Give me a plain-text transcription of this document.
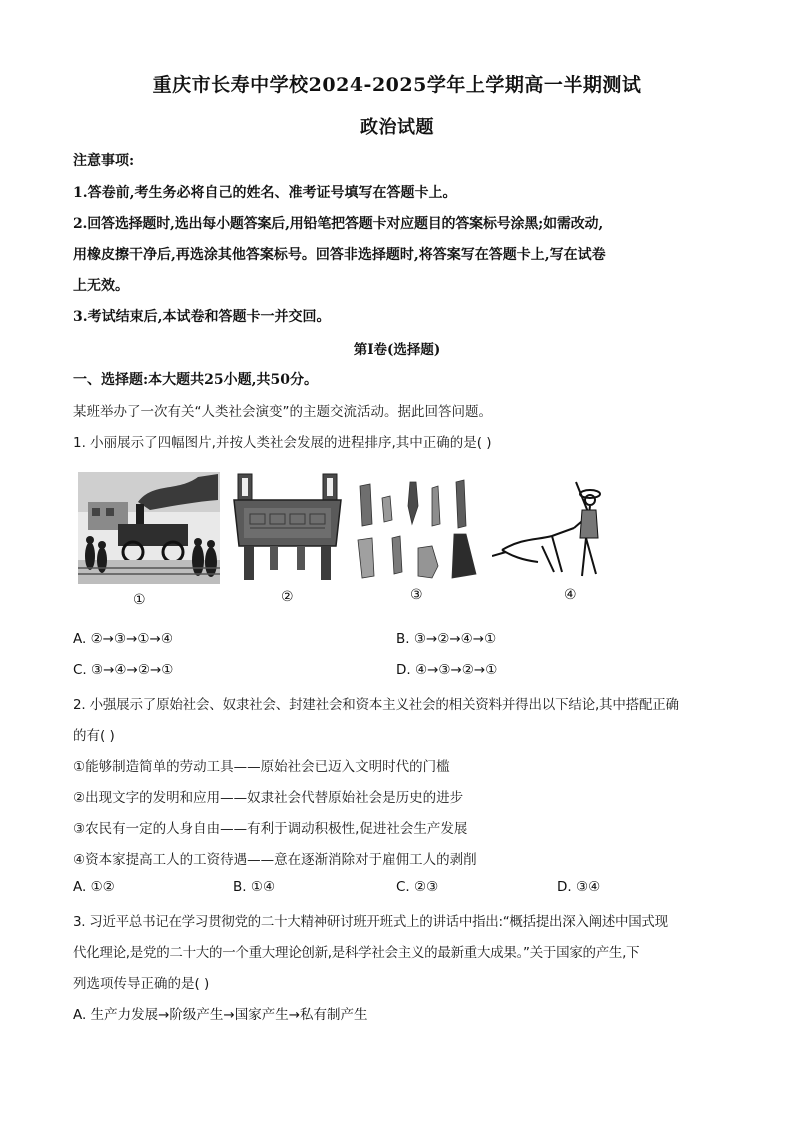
重庆市长寿中学校2024-2025学年上学期高一半期测试
政治试题
注意事项:
1.答卷前,考生务必将自己的姓名、准考证号填写在答题卡上。
2.回答选择题时,选出每小题答案后,用铅笔把答题卡对应题目的答案标号涂黑;如需改动,
用橡皮擦干净后,再选涂其他答案标号。回答非选择题时,将答案写在答题卡上,写在试卷
上无效。
3.考试结束后,本试卷和答题卡一并交回。
第Ⅰ卷(选择题)
一、选择题:本大题共25小题,共50分。
某班举办了一次有关“人类社会演变”的主题交流活动。据此回答问题。
1. 小丽展示了四幅图片,并按人类社会发展的进程排序,其中正确的是( )
①	②	③	④
A. ②→③→①→④	B. ③→②→④→①
C. ③→④→②→①	D. ④→③→②→①
2. 小强展示了原始社会、奴隶社会、封建社会和资本主义社会的相关资料并得出以下结论,其中搭配正确
的有( )
①能够制造简单的劳动工具——原始社会已迈入文明时代的门槛
②出现文字的发明和应用——奴隶社会代替原始社会是历史的进步
③农民有一定的人身自由——有利于调动积极性,促进社会生产发展
④资本家提高工人的工资待遇——意在逐渐消除对于雇佣工人的剥削
A. ①②	B. ①④	C. ②③	D. ③④
3. 习近平总书记在学习贯彻党的二十大精神研讨班开班式上的讲话中指出:“概括提出深入阐述中国式现
代化理论,是党的二十大的一个重大理论创新,是科学社会主义的最新重大成果。”关于国家的产生,下
列选项传导正确的是( )
A. 生产力发展→阶级产生→国家产生→私有制产生
